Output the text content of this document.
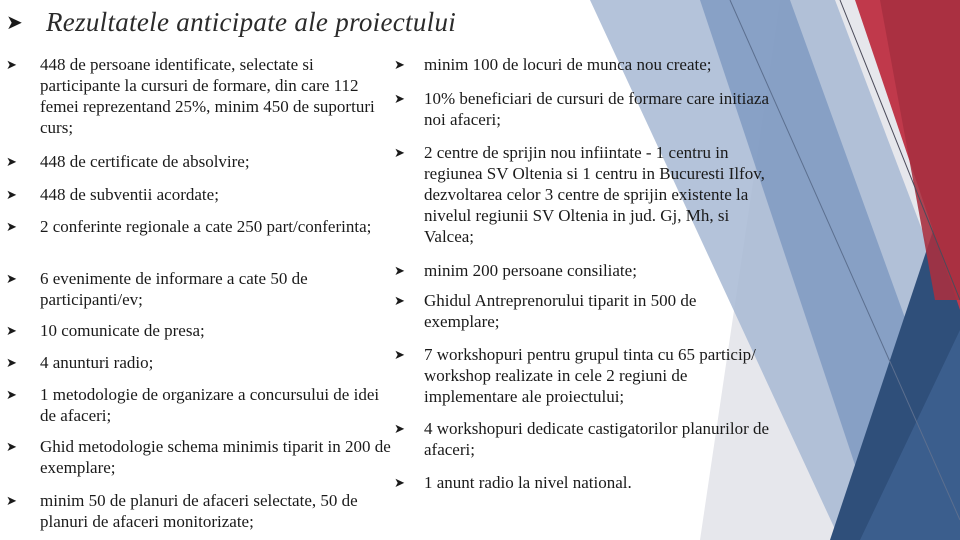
➤ Rezultatele anticipate ale proiectului
➤	448 de persoane identificate, selectate si participante la cursuri de formare, din care 112 femei reprezentand 25%, minim 450 de suporturi curs;
➤	448 de certificate de absolvire;
➤	448 de subventii acordate;
➤	2 conferinte regionale a cate 250 part/conferinta;
➤	6 evenimente de informare a cate 50 de participanti/ev;
➤	10 comunicate de presa;
➤	4 anunturi radio;
➤	1 metodologie de organizare a concursului de idei de afaceri;
➤	Ghid metodologie schema minimis tiparit in 200 de exemplare;
➤	minim 50 de planuri de afaceri selectate, 50 de planuri de afaceri monitorizate;
➤	minim 100 de locuri de munca nou create;
➤	10% beneficiari de cursuri de formare care initiaza noi afaceri;
➤	2 centre de sprijin nou infiintate - 1 centru in regiunea SV Oltenia si 1 centru in Bucuresti Ilfov, dezvoltarea celor 3 centre de sprijin existente la nivelul regiunii SV Oltenia in jud. Gj, Mh, si Valcea;
➤	minim 200 persoane consiliate;
➤	Ghidul Antreprenorului tiparit in 500 de exemplare;
➤	7 workshopuri pentru grupul tinta cu 65 particip/ workshop realizate in cele 2 regiuni de implementare ale proiectului;
➤	4 workshopuri dedicate castigatorilor planurilor de afaceri;
➤	1 anunt radio la nivel national.
